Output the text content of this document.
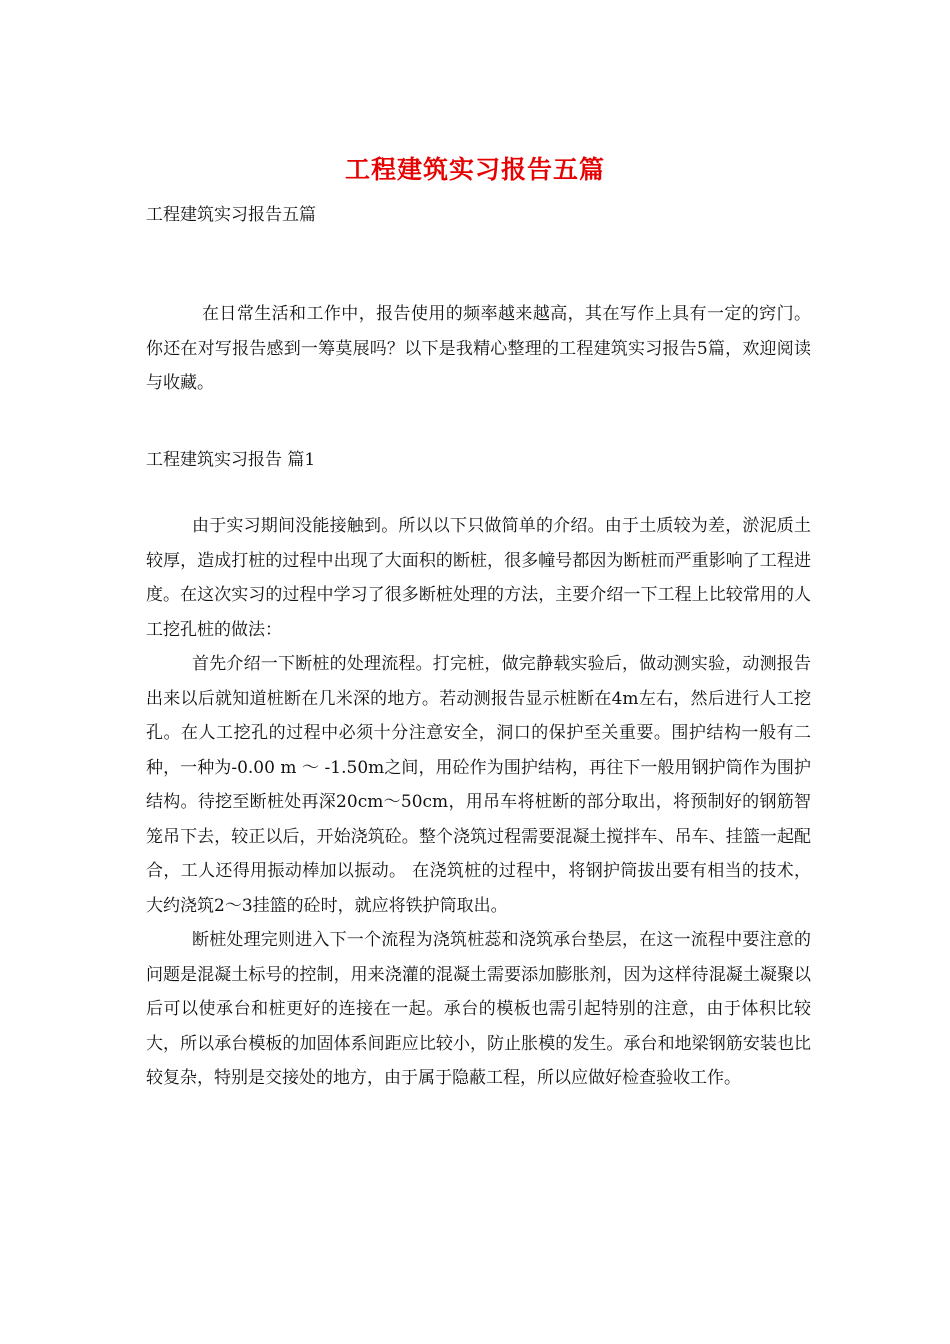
工程建筑实习报告五篇
工程建筑实习报告五篇
在日常生活和工作中，报告使用的频率越来越高，其在写作上具有一定的窍门。你还在对写报告感到一筹莫展吗？以下是我精心整理的工程建筑实习报告5篇，欢迎阅读与收藏。
工程建筑实习报告 篇1

由于实习期间没能接触到。所以以下只做简单的介绍。由于土质较为差，淤泥质土较厚，造成打桩的过程中出现了大面积的断桩，很多幢号都因为断桩而严重影响了工程进度。在这次实习的过程中学习了很多断桩处理的方法，主要介绍一下工程上比较常用的人工挖孔桩的做法：

首先介绍一下断桩的处理流程。打完桩，做完静载实验后，做动测实验，动测报告出来以后就知道桩断在几米深的地方。若动测报告显示桩断在4m左右，然后进行人工挖孔。在人工挖孔的过程中必须十分注意安全，洞口的保护至关重要。围护结构一般有二种，一种为-0.00 m ～ -1.50m之间，用砼作为围护结构，再往下一般用钢护筒作为围护结构。待挖至断桩处再深20cm～50cm，用吊车将桩断的部分取出，将预制好的钢筋智笼吊下去，较正以后，开始浇筑砼。整个浇筑过程需要混凝土搅拌车、吊车、挂篮一起配合，工人还得用振动棒加以振动。 在浇筑桩的过程中，将钢护筒拔出要有相当的技术，大约浇筑2～3挂篮的砼时，就应将铁护筒取出。

断桩处理完则进入下一个流程为浇筑桩蕊和浇筑承台垫层，在这一流程中要注意的问题是混凝土标号的控制，用来浇灌的混凝土需要添加膨胀剂，因为这样待混凝土凝聚以后可以使承台和桩更好的连接在一起。承台的模板也需引起特别的注意，由于体积比较大，所以承台模板的加固体系间距应比较小，防止胀模的发生。承台和地梁钢筋安装也比较复杂，特别是交接处的地方，由于属于隐蔽工程，所以应做好检查验收工作。
